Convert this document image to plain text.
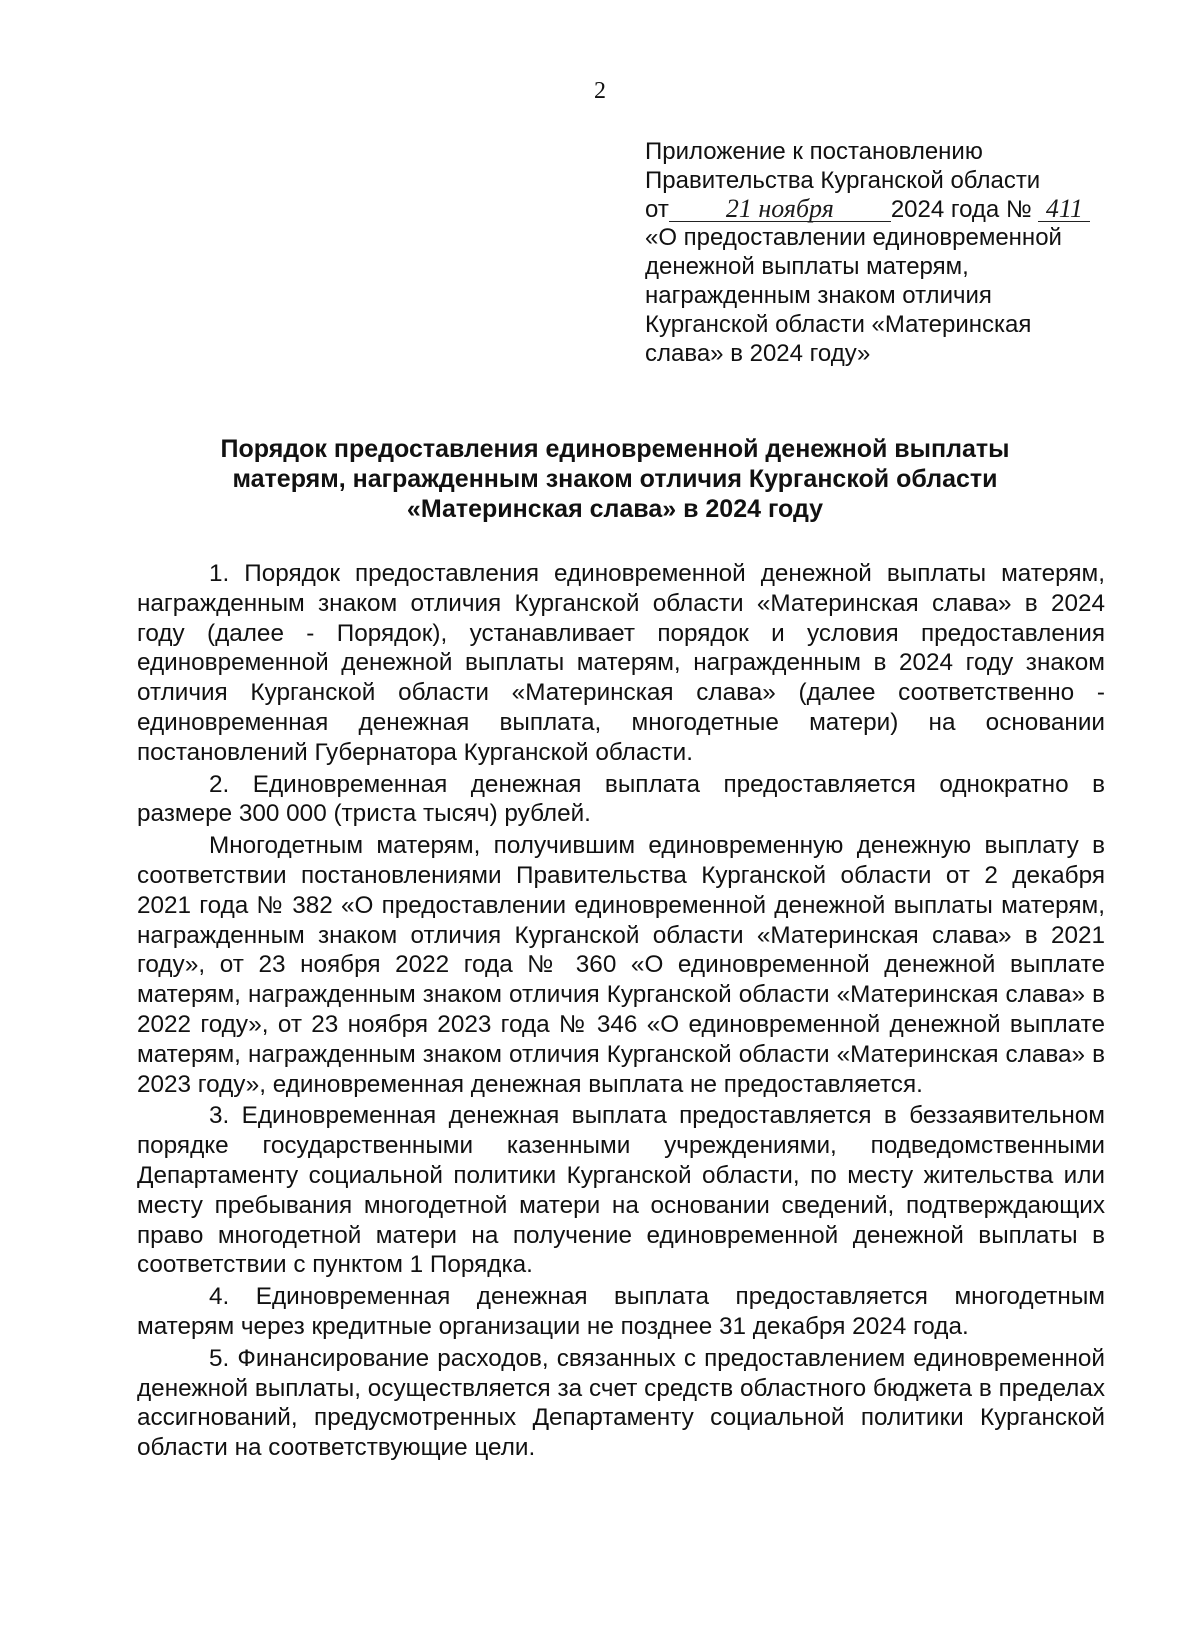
2
Приложение к постановлению
Правительства Курганской области
от 21 ноября 2024 года № 411
«О предоставлении единовременной
денежной выплаты матерям,
награжденным знаком отличия
Курганской области «Материнская
слава» в 2024 году»
Порядок предоставления единовременной денежной выплаты
матерям, награжденным знаком отличия Курганской области
«Материнская слава» в 2024 году

1. Порядок предоставления единовременной денежной выплаты матерям, награжденным знаком отличия Курганской области «Материнская слава» в 2024 году (далее - Порядок), устанавливает порядок и условия предоставления единовременной денежной выплаты матерям, награжденным в 2024 году знаком отличия Курганской области «Материнская слава» (далее соответственно - единовременная денежная выплата, многодетные матери) на основании постановлений Губернатора Курганской области.

2. Единовременная денежная выплата предоставляется однократно в размере 300 000 (триста тысяч) рублей.

Многодетным матерям, получившим единовременную денежную выплату в соответствии постановлениями Правительства Курганской области от 2 декабря 2021 года № 382 «О предоставлении единовременной денежной выплаты матерям, награжденным знаком отличия Курганской области «Материнская слава» в 2021 году», от 23 ноября 2022 года № 360 «О единовременной денежной выплате матерям, награжденным знаком отличия Курганской области «Материнская слава» в 2022 году», от 23 ноября 2023 года № 346 «О единовременной денежной выплате матерям, награжденным знаком отличия Курганской области «Материнская слава» в 2023 году», единовременная денежная выплата не предоставляется.

3. Единовременная денежная выплата предоставляется в беззаявительном порядке государственными казенными учреждениями, подведомственными Департаменту социальной политики Курганской области, по месту жительства или месту пребывания многодетной матери на основании сведений, подтверждающих право многодетной матери на получение единовременной денежной выплаты в соответствии с пунктом 1 Порядка.

4. Единовременная денежная выплата предоставляется многодетным матерям через кредитные организации не позднее 31 декабря 2024 года.

5. Финансирование расходов, связанных с предоставлением единовременной денежной выплаты, осуществляется за счет средств областного бюджета в пределах ассигнований, предусмотренных Департаменту социальной политики Курганской области на соответствующие цели.
